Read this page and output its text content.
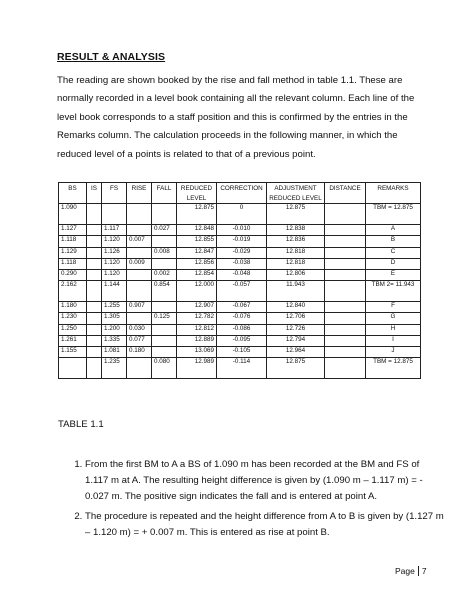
RESULT & ANALYSIS

The reading are shown booked by the rise and fall method in table 1.1. These are normally recorded in a level book containing all the relevant column. Each line of the level book corresponds to a staff position and this is confirmed by the entries in the Remarks column. The calculation proceeds in the following manner, in which the reduced level of a points is related to that of a previous point.

BS	IS	FS	RISE	FALL	REDUCED LEVEL	CORRECTION	ADJUSTMENT REDUCED LEVEL	DISTANCE	REMARKS
1.090					12.875	0	12.875		TBM = 12.875
1.127		1.117		0.027	12.848	-0.010	12.838		A
1.118		1.120	0.007		12.855	-0.019	12.836		B
1.129		1.126		0.008	12.847	-0.029	12.818		C
1.118		1.120	0.009		12.856	-0.038	12.818		D
0.290		1.120		0.002	12.854	-0.048	12.806		E
2.162		1.144		0.854	12.000	-0.057	11.943		TBM 2= 11.943
1.180		1.255	0.907		12.907	-0.067	12.840		F
1.230		1.305		0.125	12.782	-0.076	12.706		G
1.250		1.200	0.030		12.812	-0.086	12.726		H
1.261		1.335	0.077		12.889	-0.095	12.794		I
1.155		1.081	0.180		13.069	-0.105	12.964		J
		1.235		0.080	12.989	-0.114	12.875		TBM = 12.875
TABLE 1.1
1. From the first BM to A a BS of 1.090 m has been recorded at the BM and FS of 1.117 m at A. The resulting height difference is given by (1.090 m – 1.117 m) = - 0.027 m. The positive sign indicates the fall and is entered at point A.
2. The procedure is repeated and the height difference from A to B is given by (1.127 m – 1.120 m) = + 0.007 m. This is entered as rise at point B.
Page 7
